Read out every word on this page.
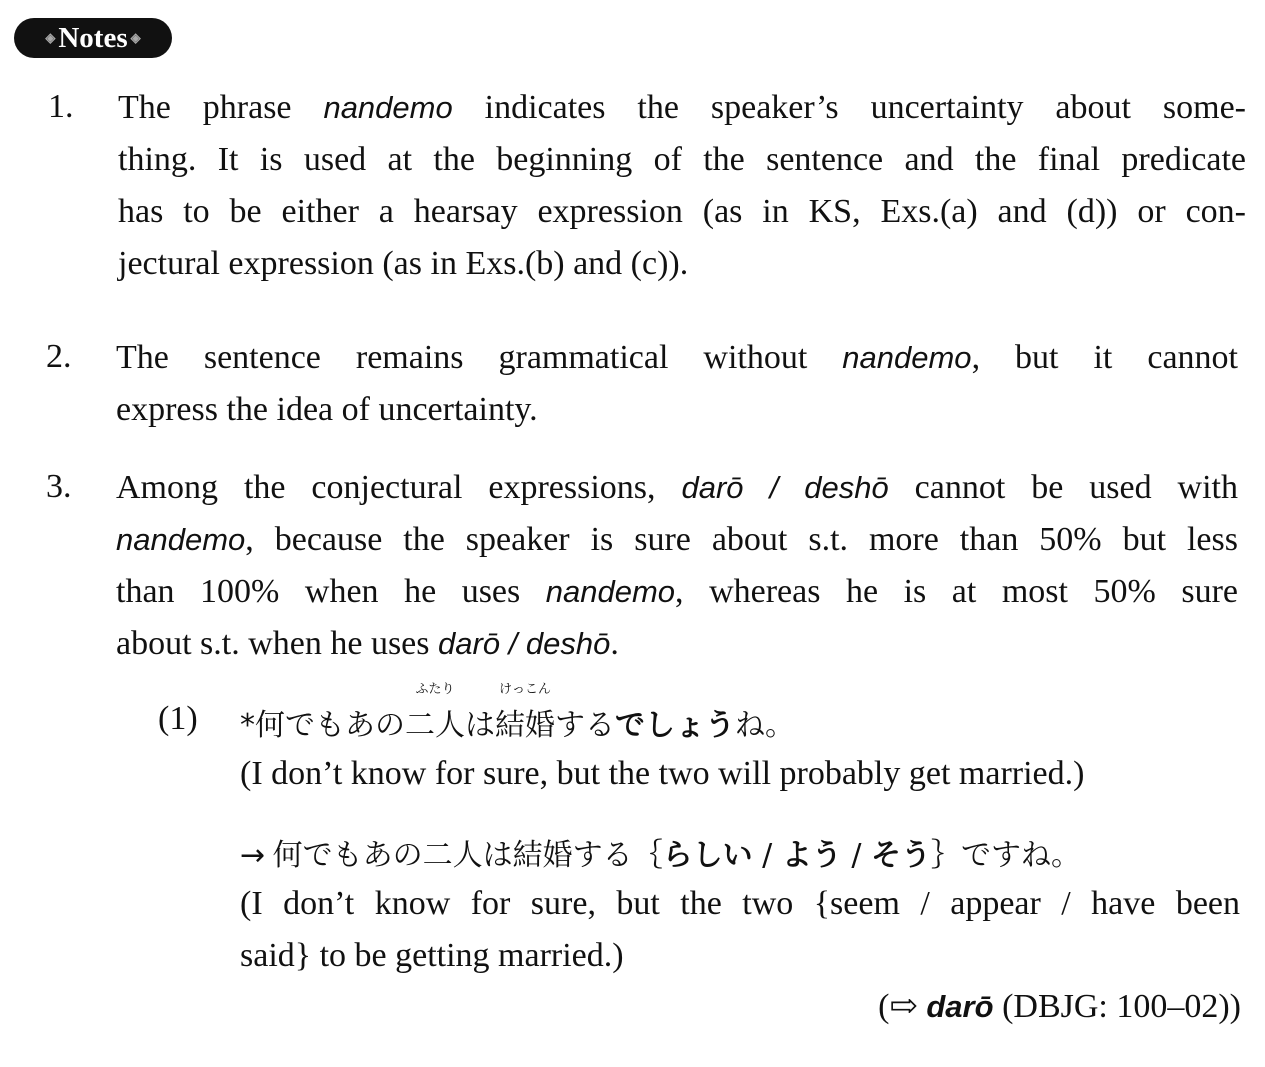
◈ Notes ◈
1. The phrase nandemo indicates the speaker’s uncertainty about some-
thing. It is used at the beginning of the sentence and the final predicate
has to be either a hearsay expression (as in KS, Exs.(a) and (d)) or con-
jectural expression (as in Exs.(b) and (c)).
2. The sentence remains grammatical without nandemo, but it cannot
express the idea of uncertainty.
3. Among the conjectural expressions, darō / deshō cannot be used with
nandemo, because the speaker is sure about s.t. more than 50% but less
than 100% when he uses nandemo, whereas he is at most 50% sure
about s.t. when he uses darō / deshō.
(1) *何でもあの
ふたり
二人は
けっこん
結婚するでしょうね。
(I don’t know for sure, but the two will probably get married.)
→ 何でもあの二人は結婚する｛らしい / よう / そう｝ですね。
(I don’t know for sure, but the two {seem / appear / have been
said} to be getting married.)
(⇨ darō (DBJG: 100–02))
